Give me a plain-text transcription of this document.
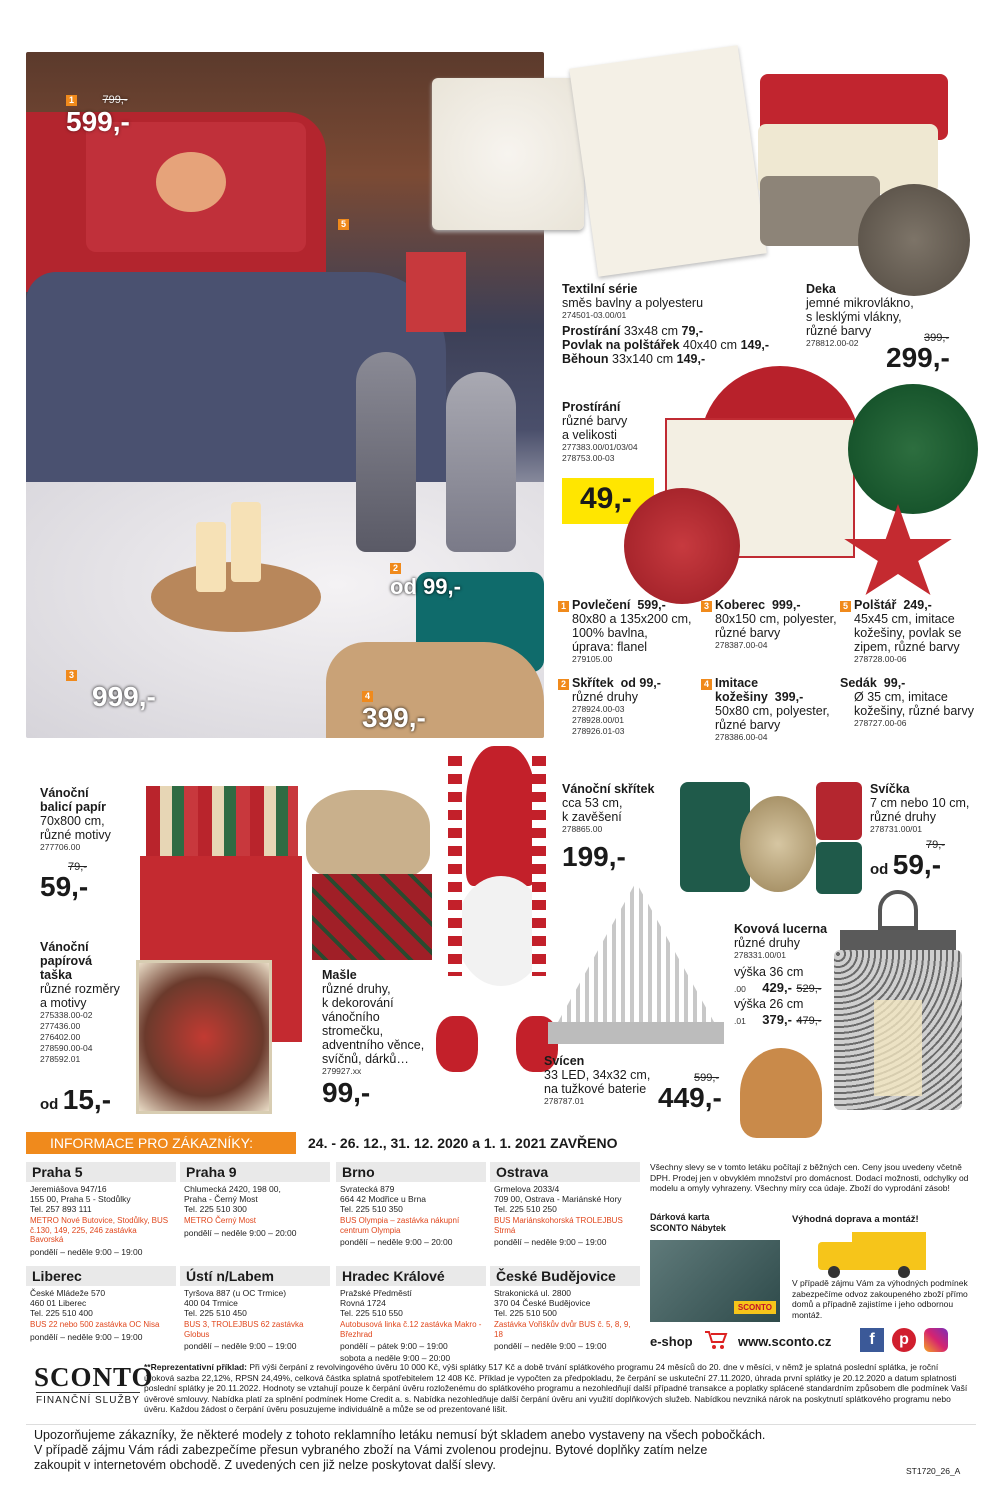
1	799,-
599,-
5
2
od 99,-
3
999,-	4
399,-
Textilní série
směs bavlny a polyesteru
274501-03.00/01
Prostírání 33x48 cm 79,-
Povlak na polštářek 40x40 cm 149,-
Běhoun 33x140 cm 149,-
Deka
jemné mikrovlákno,
s lesklými vlákny,
různé barvy
278812.00-02	399,-
299,-
Prostírání
různé barvy
a velikosti
277383.00/01/03/04
278753.00-03
49,-
1 Povlečení 599,-
80x80 a 135x200 cm,
100% bavlna,
úprava: flanel
279105.00
3 Koberec 999,-
80x150 cm, polyester,
různé barvy
278387.00-04
5 Polštář 249,-
45x45 cm, imitace
kožešiny, povlak se
zipem, různé barvy
278728.00-06
2 Skřítek od 99,-
různé druhy
278924.00-03
278928.00/01
278926.01-03
4 Imitace
kožešiny 399,-
50x80 cm, polyester,
různé barvy
278386.00-04
Sedák 99,-
Ø 35 cm, imitace
kožešiny, různé barvy
278727.00-06
Vánoční
balicí papír
70x800 cm,
různé motivy
277706.00
79,-
59,-
Vánoční
papírová
taška
různé rozměry
a motivy
275338.00-02
277436.00
276402.00
278590.00-04
278592.01
od 15,-
Mašle
různé druhy,
k dekorování
vánočního
stromečku,
adventního věnce,
svíčnů, dárků…
279927.xx
99,-
Vánoční skřítek
cca 53 cm,
k zavěšení
278865.00
199,-
Svíčka
7 cm nebo 10 cm,
různé druhy
278731.00/01
79,-
od 59,-
Kovová lucerna
různé druhy
278331.00/01
výška 36 cm
.00 429,- 529,-
výška 26 cm
.01 379,- 479,-
Svícen
33 LED, 34x32 cm,
na tužkové baterie
278787.01
599,-
449,-
INFORMACE PRO ZÁKAZNÍKY:	24. - 26. 12., 31. 12. 2020 a 1. 1. 2021 ZAVŘENO
Praha 5
Jeremiášova 947/16
155 00, Praha 5 - Stodůlky
Tel. 257 893 111
METRO Nové Butovice, Stodůlky, BUS č.130, 149, 225, 246 zastávka Bavorská
pondělí – neděle 9:00 – 19:00
Praha 9
Chlumecká 2420, 198 00,
Praha - Černý Most
Tel. 225 510 300
METRO Černý Most
pondělí – neděle 9:00 – 20:00
Brno
Svratecká 879
664 42 Modřice u Brna
Tel. 225 510 350
BUS Olympia – zastávka nákupní centrum Olympia
pondělí – neděle 9:00 – 20:00
Ostrava
Grmelova 2033/4
709 00, Ostrava - Mariánské Hory
Tel. 225 510 250
BUS Mariánskohorská TROLEJBUS Strmá
pondělí – neděle 9:00 – 19:00
Liberec
České Mládeže 570
460 01 Liberec
Tel. 225 510 400
BUS 22 nebo 500 zastávka OC Nisa
pondělí – neděle 9:00 – 19:00
Ústí n/Labem
Tyršova 887 (u OC Trmice)
400 04 Trmice
Tel. 225 510 450
BUS 3, TROLEJBUS 62 zastávka Globus
pondělí – neděle 9:00 – 19:00
Hradec Králové
Pražské Předměstí
Rovná 1724
Tel. 225 510 550
Autobusová linka č.12 zastávka Makro - Březhrad
pondělí – pátek 9:00 – 19:00
sobota a neděle 9:00 – 20:00
České Budějovice
Strakonická ul. 2800
370 04 České Budějovice
Tel. 225 510 500
Zastávka Vořiškův dvůr BUS č. 5, 8, 9, 18
pondělí – neděle 9:00 – 19:00
Všechny slevy se v tomto letáku počítají z běžných cen. Ceny jsou uvedeny včetně DPH. Prodej jen v obvyklém množství pro domácnost. Dodací možnosti, odchylky od modelu a omyly vyhrazeny. Všechny míry cca údaje. Zboží do vyprodání zásob!
Dárková karta
SCONTO Nábytek
SCONTO
Výhodná doprava a montáž!
V případě zájmu Vám za výhodných podmínek zabezpečíme odvoz zakoupeného zboží přímo domů a případně zajistíme i jeho odbornou montáž.
e-shop	www.sconto.cz	f	p
SCONTO
FINANČNÍ SLUŽBY
**Reprezentativní příklad: Při výši čerpání z revolvingového úvěru 10 000 Kč, výši splátky 517 Kč a době trvání splátkového programu 24 měsíců do 20. dne v měsíci, v němž je splatná poslední splátka, je roční úroková sazba 22,12%, RPSN 24,49%, celková částka splatná spotřebitelem 12 408 Kč. Příklad je vypočten za předpokladu, že čerpání se uskuteční 27.11.2020, úhrada první splátky je 20.12.2020 a datum splatnosti poslední splátky je 20.11.2022. Hodnoty se vztahují pouze k čerpání úvěru rozloženému do splátkového programu a nezohledňují další případné transakce a poplatky splácené standardním způsobem dle podmínek Vaší úvěrové smlouvy. Nabídka platí za splnění podmínek Home Credit a. s. Nabídka nezohledňuje další čerpání úvěru ani využití doplňkových služeb. Nabídkou nevzniká nárok na poskytnutí splátkového programu nebo úvěru. Každou žádost o čerpání úvěru posuzujeme individuálně a může se od prezentované lišit.
Upozorňujeme zákazníky, že některé modely z tohoto reklamního letáku nemusí být skladem anebo vystaveny na všech pobočkách.
V případě zájmu Vám rádi zabezpečíme přesun vybraného zboží na Vámi zvolenou prodejnu. Bytové doplňky zatím nelze
zakoupit v internetovém obchodě. Z uvedených cen již nelze poskytovat další slevy.	ST1720_26_A
